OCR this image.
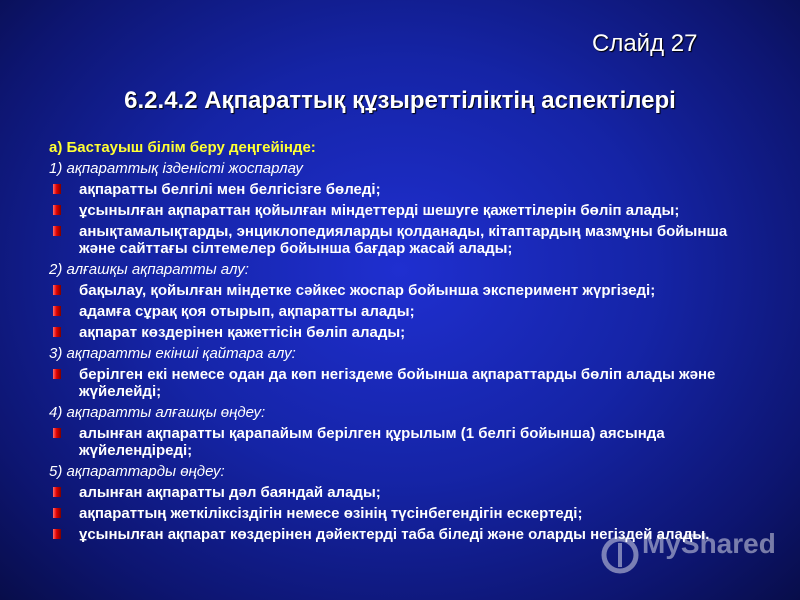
Слайд 27
6.2.4.2 Ақпараттық құзыреттіліктің аспектілері
а) Бастауыш білім беру деңгейінде:
1) ақпараттық ізденісті жоспарлау
ақпаратты белгілі мен белгісізге бөледі;
ұсынылған ақпараттан қойылған міндеттерді шешуге қажеттілерін бөліп алады;
анықтамалықтарды, энциклопедияларды қолданады, кітаптардың мазмұны бойынша және сайттағы сілтемелер бойынша бағдар жасай алады;
2) алғашқы ақпаратты алу:
бақылау, қойылған міндетке сәйкес жоспар бойынша эксперимент жүргізеді;
адамға сұрақ қоя отырып, ақпаратты алады;
ақпарат көздерінен қажеттісін бөліп алады;
3) ақпаратты екінші қайтара алу:
берілген екі немесе одан да көп негіздеме бойынша ақпараттарды бөліп алады және жүйелейді;
4) ақпаратты алғашқы өңдеу:
алынған ақпаратты қарапайым берілген құрылым (1 белгі бойынша) аясында жүйелендіреді;
5) ақпараттарды өңдеу:
алынған ақпаратты дәл баяндай алады;
ақпараттың жеткіліксіздігін немесе өзінің түсінбегендігін ескертеді;
ұсынылған ақпарат көздерінен дәйектерді таба біледі және оларды негіздей алады.
MyShared
